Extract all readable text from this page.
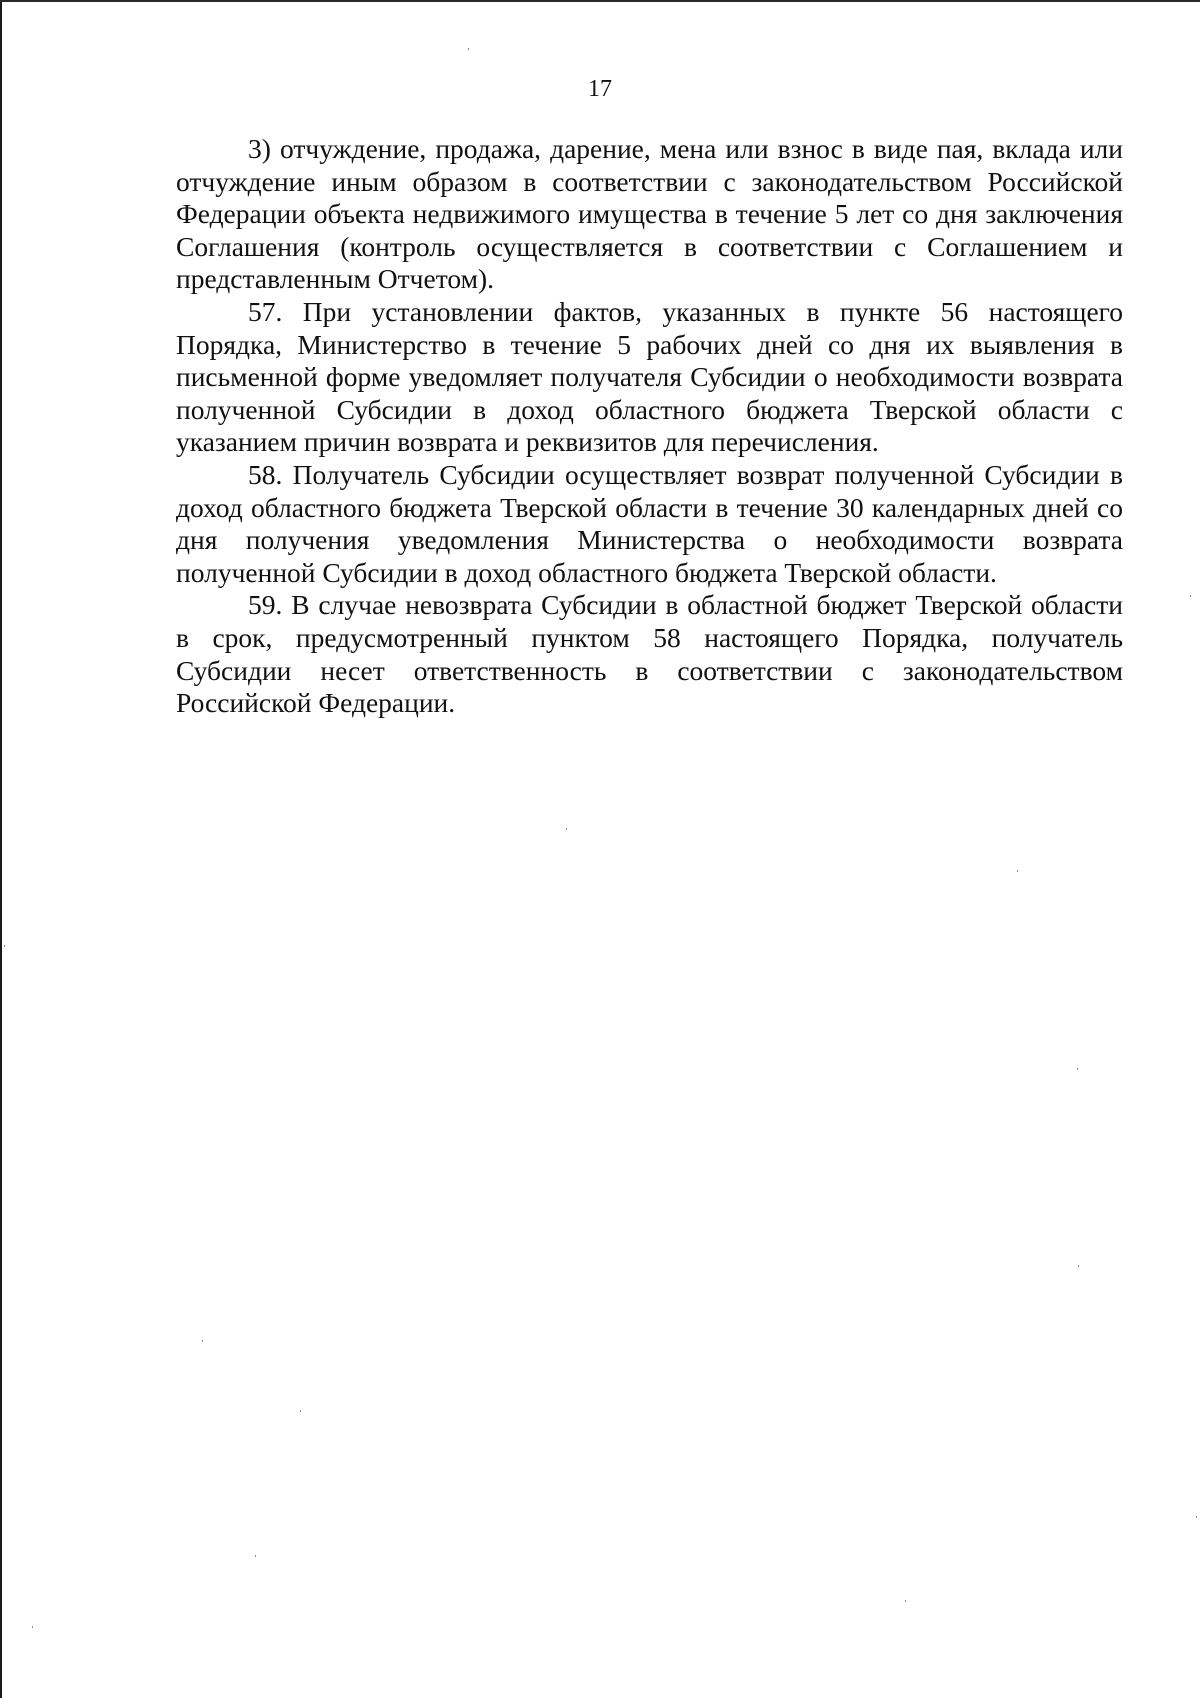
17

3) отчуждение, продажа, дарение, мена или взнос в виде пая, вклада или отчуждение иным образом в соответствии с законодательством Российской Федерации объекта недвижимого имущества в течение 5 лет со дня заключения Соглашения (контроль осуществляется в соответствии с Соглашением и представленным Отчетом).

57. При установлении фактов, указанных в пункте 56 настоящего Порядка, Министерство в течение 5 рабочих дней со дня их выявления в письменной форме уведомляет получателя Субсидии о необходимости возврата полученной Субсидии в доход областного бюджета Тверской области с указанием причин возврата и реквизитов для перечисления.

58. Получатель Субсидии осуществляет возврат полученной Субсидии в доход областного бюджета Тверской области в течение 30 календарных дней со дня получения уведомления Министерства о необходимости возврата полученной Субсидии в доход областного бюджета Тверской области.

59. В случае невозврата Субсидии в областной бюджет Тверской области в срок, предусмотренный пунктом 58 настоящего Порядка, получатель Субсидии несет ответственность в соответствии с законодательством Российской Федерации.
